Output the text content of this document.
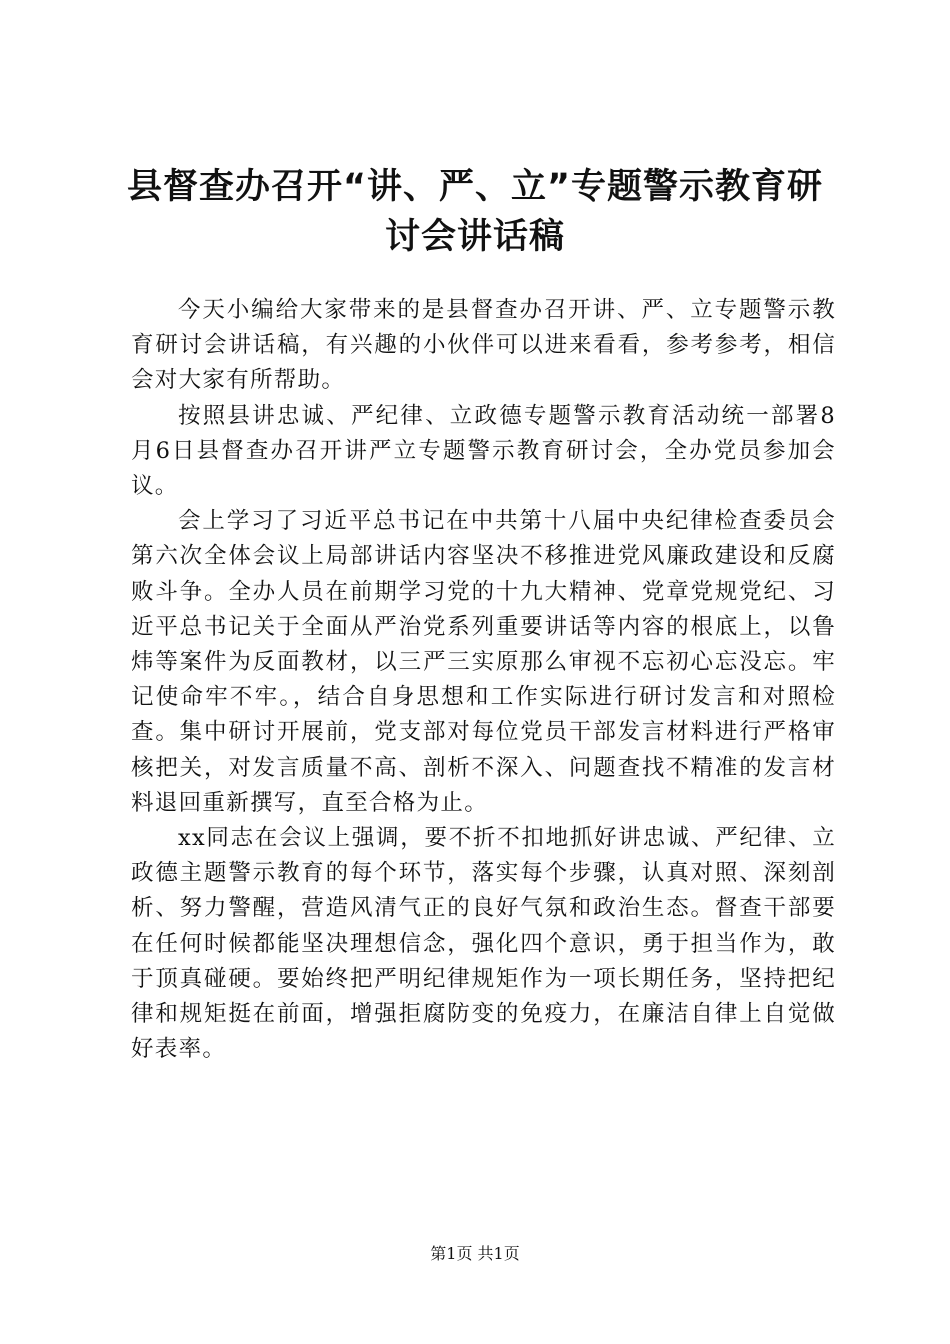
县督查办召开“讲、严、立”专题警示教育研
讨会讲话稿

今天小编给大家带来的是县督查办召开讲、严、立专题警示教育研讨会讲话稿，有兴趣的小伙伴可以进来看看，参考参考，相信会对大家有所帮助。

按照县讲忠诚、严纪律、立政德专题警示教育活动统一部署8月6日县督查办召开讲严立专题警示教育研讨会，全办党员参加会议。

会上学习了习近平总书记在中共第十八届中央纪律检查委员会第六次全体会议上局部讲话内容坚决不移推进党风廉政建设和反腐败斗争。全办人员在前期学习党的十九大精神、党章党规党纪、习近平总书记关于全面从严治党系列重要讲话等内容的根底上，以鲁炜等案件为反面教材，以三严三实原那么审视不忘初心忘没忘。牢记使命牢不牢。，结合自身思想和工作实际进行研讨发言和对照检查。集中研讨开展前，党支部对每位党员干部发言材料进行严格审核把关，对发言质量不高、剖析不深入、问题查找不精准的发言材料退回重新撰写，直至合格为止。

xx同志在会议上强调，要不折不扣地抓好讲忠诚、严纪律、立政德主题警示教育的每个环节，落实每个步骤，认真对照、深刻剖析、努力警醒，营造风清气正的良好气氛和政治生态。督查干部要在任何时候都能坚决理想信念，强化四个意识，勇于担当作为，敢于顶真碰硬。要始终把严明纪律规矩作为一项长期任务，坚持把纪律和规矩挺在前面，增强拒腐防变的免疫力，在廉洁自律上自觉做好表率。

第1页 共1页
